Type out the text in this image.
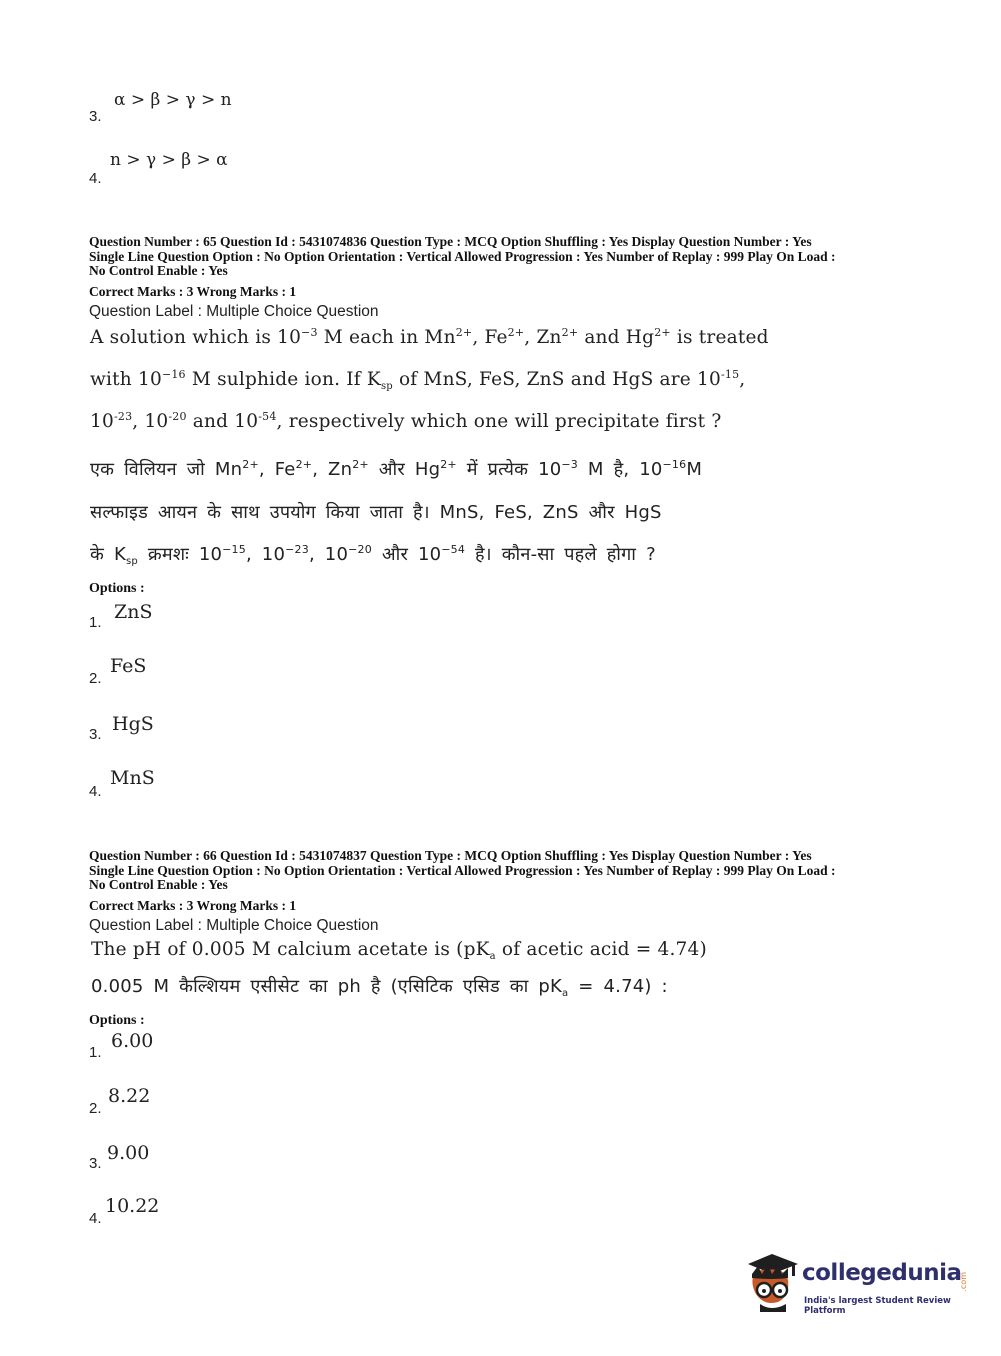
3.
α > β > γ > n
4.
n > γ > β > α
Question Number : 65 Question Id : 5431074836 Question Type : MCQ Option Shuffling : Yes Display Question Number : Yes
Single Line Question Option : No Option Orientation : Vertical Allowed Progression : Yes Number of Replay : 999 Play On Load :
No Control Enable : Yes
Correct Marks : 3 Wrong Marks : 1
Question Label : Multiple Choice Question
A solution which is $10^{-3}$ M each in $Mn^{2+}$, $Fe^{2+}$, $Zn^{2+}$ and $Hg^{2+}$ is treated
with $10^{-16}$ M sulphide ion. If $K_{sp}$ of MnS, FeS, ZnS and HgS are $10^{-15}$,
$10^{-23}$, $10^{-20}$ and $10^{-54}$, respectively which one will precipitate first ?
एक विलियन जो $Mn^{2+}$, $Fe^{2+}$, $Zn^{2+}$ और $Hg^{2+}$ में प्रत्येक $10^{-3}$ M है, $10^{-16}M$
सल्फाइड आयन के साथ उपयोग किया जाता है। MnS, FeS, ZnS और HgS
के $K_{sp}$ क्रमशः $10^{-15}$, $10^{-23}$, $10^{-20}$ और $10^{-54}$ है। कौन-सा पहले होगा ?
Options :
1. ZnS
2.
FeS
3. HgS
4.
MnS
Question Number : 66 Question Id : 5431074837 Question Type : MCQ Option Shuffling : Yes Display Question Number : Yes
Single Line Question Option : No Option Orientation : Vertical Allowed Progression : Yes Number of Replay : 999 Play On Load :
No Control Enable : Yes
Correct Marks : 3 Wrong Marks : 1
Question Label : Multiple Choice Question
The pH of 0.005 M calcium acetate is ($pK_a$ of acetic acid = 4.74)
0.005 M कैल्शियम एसीसेट का ph है (एसिटिक एसिड का $pK_a = 4.74$) :
Options :
1.
6.00
2.
8.22
3. 9.00
4.
10.22
collegedunia
.com
India's largest Student Review Platform
